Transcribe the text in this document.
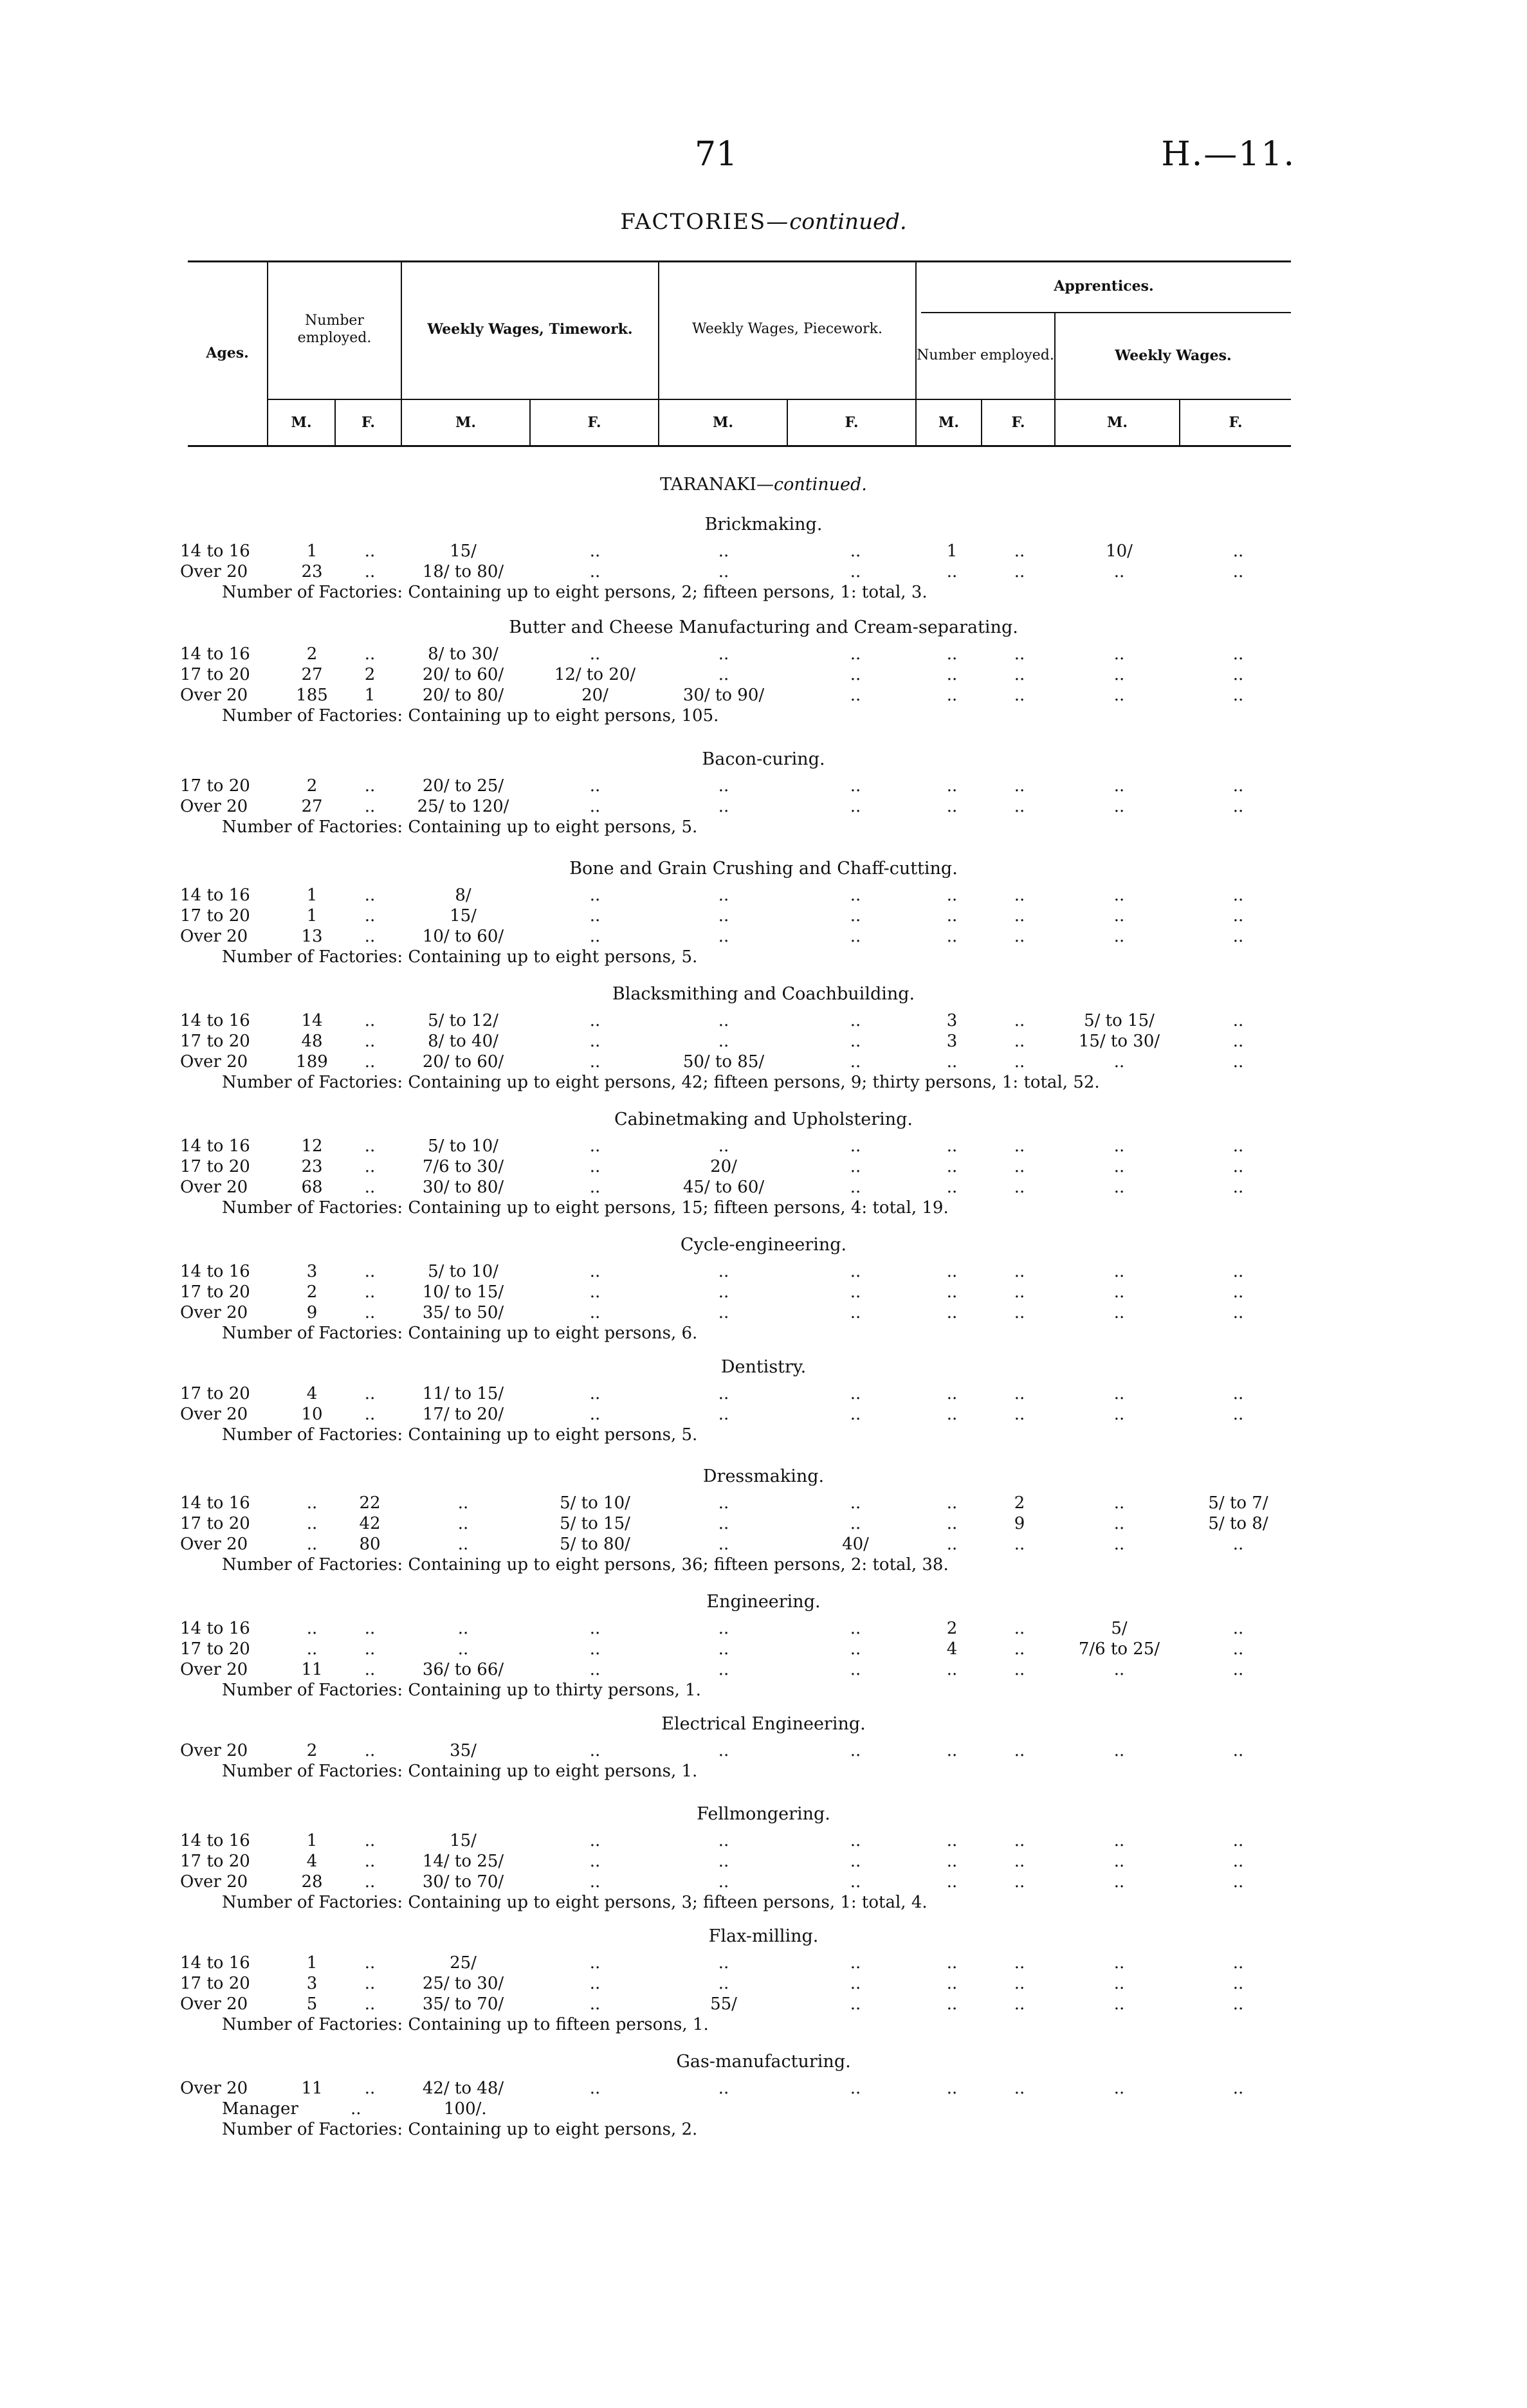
71	H.—11.
FACTORIES—continued.
Ages.
Number employed.	Weekly Wages, Timework.	Weekly Wages, Piecework.
Apprentices.
Number employed.	Weekly Wages.
M.	F.	M.	F.	M.	F.	M.	F.	M.	F.
TARANAKI—continued.
Brickmaking.
14 to 16	1	..	15/	..	..	..	1	..	10/	..
Over 20	23	..	18/ to 80/	..	..	..	..	..	..	..
Number of Factories: Containing up to eight persons, 2; fifteen persons, 1: total, 3.
Butter and Cheese Manufacturing and Cream-separating.
14 to 16	2	..	8/ to 30/	..	..	..	..	..	..	..
17 to 20	27	2	20/ to 60/	12/ to 20/	..	..	..	..	..	..
Over 20	185	1	20/ to 80/	20/	30/ to 90/	..	..	..	..	..
Number of Factories: Containing up to eight persons, 105.
Bacon-curing.
17 to 20	2	..	20/ to 25/	..	..	..	..	..	..	..
Over 20	27	..	25/ to 120/	..	..	..	..	..	..	..
Number of Factories: Containing up to eight persons, 5.
Bone and Grain Crushing and Chaff-cutting.
14 to 16	1	..	8/	..	..	..	..	..	..	..
17 to 20	1	..	15/	..	..	..	..	..	..	..
Over 20	13	..	10/ to 60/	..	..	..	..	..	..	..
Number of Factories: Containing up to eight persons, 5.
Blacksmithing and Coachbuilding.
14 to 16	14	..	5/ to 12/	..	..	..	3	..	5/ to 15/	..
17 to 20	48	..	8/ to 40/	..	..	..	3	..	15/ to 30/	..
Over 20	189	..	20/ to 60/	..	50/ to 85/	..	..	..	..	..
Number of Factories: Containing up to eight persons, 42; fifteen persons, 9; thirty persons, 1: total, 52.
Cabinetmaking and Upholstering.
14 to 16	12	..	5/ to 10/	..	..	..	..	..	..	..
17 to 20	23	..	7/6 to 30/	..	20/	..	..	..	..	..
Over 20	68	..	30/ to 80/	..	45/ to 60/	..	..	..	..	..
Number of Factories: Containing up to eight persons, 15; fifteen persons, 4: total, 19.
Cycle-engineering.
14 to 16	3	..	5/ to 10/	..	..	..	..	..	..	..
17 to 20	2	..	10/ to 15/	..	..	..	..	..	..	..
Over 20	9	..	35/ to 50/	..	..	..	..	..	..	..
Number of Factories: Containing up to eight persons, 6.
Dentistry.
17 to 20	4	..	11/ to 15/	..	..	..	..	..	..	..
Over 20	10	..	17/ to 20/	..	..	..	..	..	..	..
Number of Factories: Containing up to eight persons, 5.
Dressmaking.
14 to 16	..	22	..	5/ to 10/	..	..	..	2	..	5/ to 7/
17 to 20	..	42	..	5/ to 15/	..	..	..	9	..	5/ to 8/
Over 20	..	80	..	5/ to 80/	..	40/	..	..	..	..
Number of Factories: Containing up to eight persons, 36; fifteen persons, 2: total, 38.
Engineering.
14 to 16	..	..	..	..	..	..	2	..	5/	..
17 to 20	..	..	..	..	..	..	4	..	7/6 to 25/	..
Over 20	11	..	36/ to 66/	..	..	..	..	..	..	..
Number of Factories: Containing up to thirty persons, 1.
Electrical Engineering.
Over 20	2	..	35/	..	..	..	..	..	..	..
Number of Factories: Containing up to eight persons, 1.
Fellmongering.
14 to 16	1	..	15/	..	..	..	..	..	..	..
17 to 20	4	..	14/ to 25/	..	..	..	..	..	..	..
Over 20	28	..	30/ to 70/	..	..	..	..	..	..	..
Number of Factories: Containing up to eight persons, 3; fifteen persons, 1: total, 4.
Flax-milling.
14 to 16	1	..	25/	..	..	..	..	..	..	..
17 to 20	3	..	25/ to 30/	..	..	..	..	..	..	..
Over 20	5	..	35/ to 70/	..	55/	..	..	..	..	..
Number of Factories: Containing up to fifteen persons, 1.
Gas-manufacturing.
Over 20	11	..	42/ to 48/	..	..	..	..	..	..	..
Manager	..	100/.
Number of Factories: Containing up to eight persons, 2.
